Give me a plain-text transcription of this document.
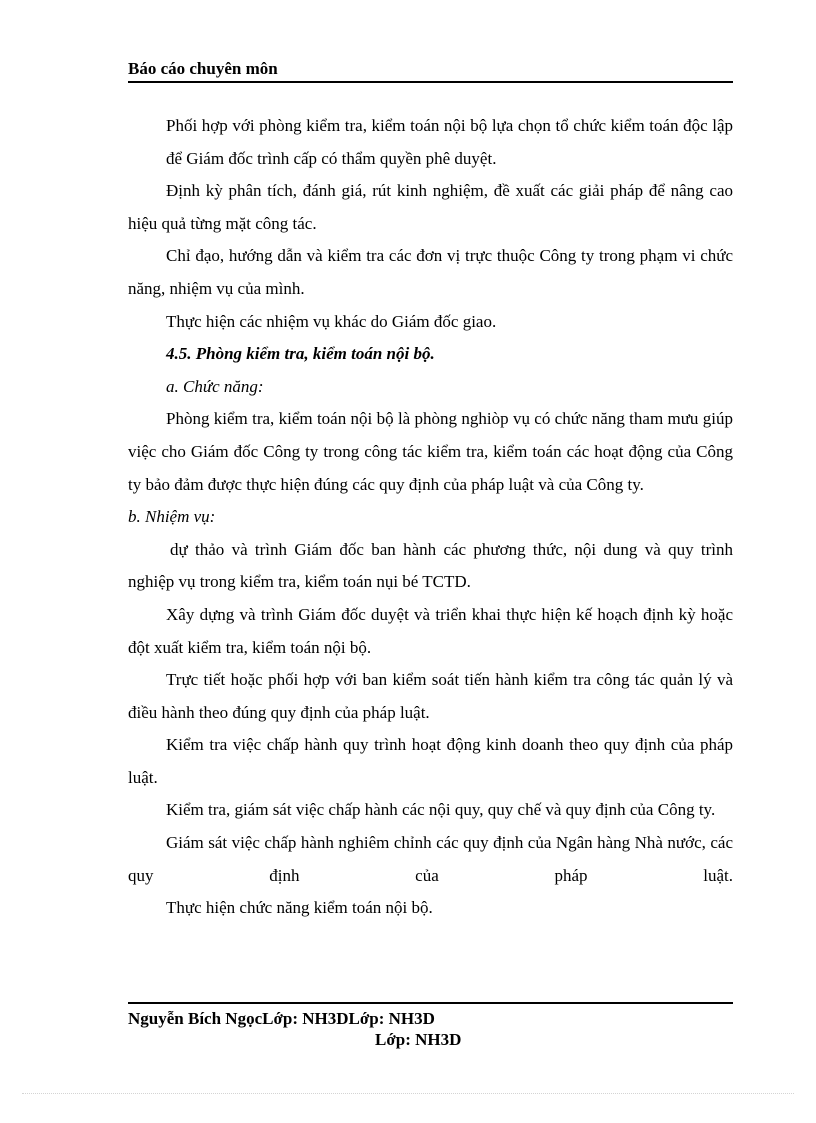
Báo cáo chuyên môn

Phối hợp với phòng kiểm tra, kiểm toán nội bộ lựa chọn tổ chức kiểm toán độc lập để Giám đốc trình cấp có thẩm quyền phê duyệt.

Định kỳ phân tích, đánh giá, rút kinh nghiệm, đề xuất các giải pháp để nâng cao hiệu quả từng mặt công tác.

Chỉ đạo, hướng dẫn và kiểm tra các đơn vị trực thuộc Công ty trong phạm vi chức năng, nhiệm vụ của mình.

Thực hiện các nhiệm vụ khác do Giám đốc giao.

4.5. Phòng kiểm tra, kiểm toán nội bộ.

a. Chức năng:

Phòng kiểm tra, kiểm toán nội bộ là phòng nghiòp vụ có chức năng tham mưu giúp việc cho Giám đốc Công ty trong công tác kiểm tra, kiểm toán các hoạt động của Công ty bảo đảm được thực hiện đúng các quy định của pháp luật và của Công ty.

b. Nhiệm vụ:

dự thảo và trình Giám đốc ban hành các phương thức, nội dung và quy trình nghiệp vụ trong kiểm tra, kiểm toán nụi bé TCTD.

Xây dựng và trình Giám đốc duyệt và triển khai thực hiện kế hoạch định kỳ hoặc đột xuất kiểm tra, kiểm toán nội bộ.

Trực tiết hoặc phối hợp với ban kiểm soát tiến hành kiểm tra công tác quản lý và điều hành theo đúng quy định của pháp luật.

Kiểm tra việc chấp hành quy trình hoạt động kinh doanh theo quy định của pháp luật.

Kiểm tra, giám sát việc chấp hành các nội quy, quy chế và quy định của Công ty.

Giám sát việc chấp hành nghiêm chỉnh các quy định của Ngân hàng Nhà nước, các quy định của pháp luật.

Thực hiện chức năng kiểm toán nội bộ.

Nguyễn Bích NgọcLớp: NH3DLớp: NH3D
Lớp: NH3D
